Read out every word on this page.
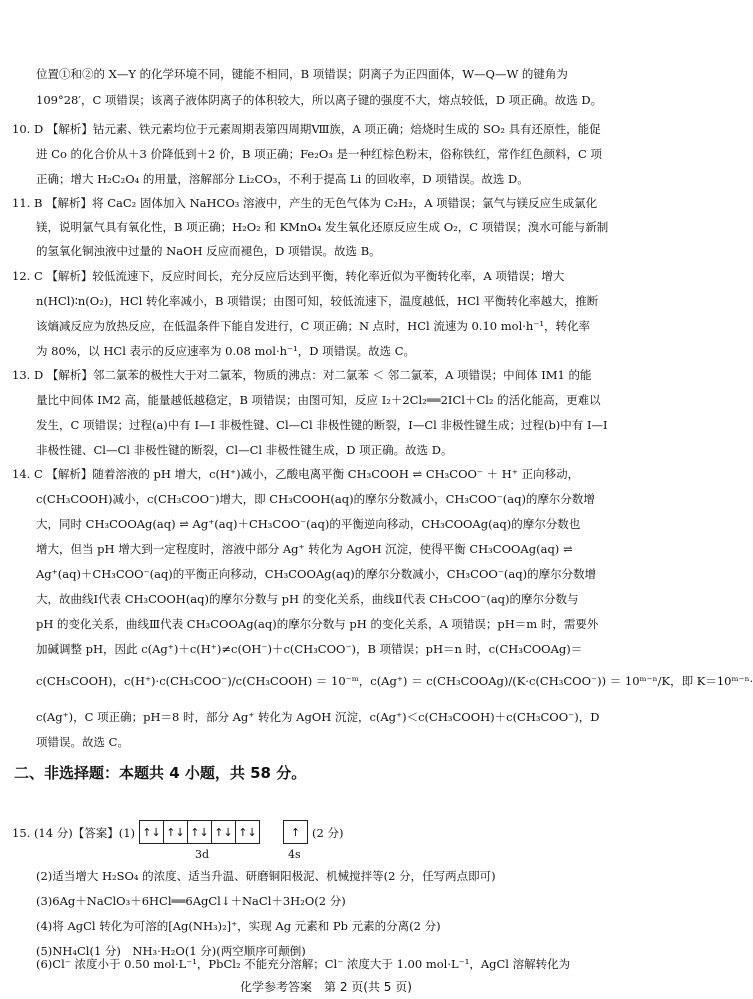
位置①和②的 X—Y 的化学环境不同，键能不相同，B 项错误；阴离子为正四面体，W—Q—W 的键角为
109°28′，C 项错误；该离子液体阴离子的体积较大，所以离子键的强度不大，熔点较低，D 项正确。故选 D。
10. D 【解析】钴元素、铁元素均位于元素周期表第四周期Ⅷ族，A 项正确；焙烧时生成的 SO₂ 具有还原性，能促
进 Co 的化合价从＋3 价降低到＋2 价，B 项正确；Fe₂O₃ 是一种红棕色粉末，俗称铁红，常作红色颜料，C 项
正确；增大 H₂C₂O₄ 的用量，溶解部分 Li₂CO₃，不利于提高 Li 的回收率，D 项错误。故选 D。
11. B 【解析】将 CaC₂ 固体加入 NaHCO₃ 溶液中，产生的无色气体为 C₂H₂，A 项错误；氯气与镁反应生成氯化
镁，说明氯气具有氧化性，B 项正确；H₂O₂ 和 KMnO₄ 发生氧化还原反应生成 O₂，C 项错误；溴水可能与新制
的氢氧化铜浊液中过量的 NaOH 反应而褪色，D 项错误。故选 B。
12. C 【解析】较低流速下，反应时间长，充分反应后达到平衡，转化率近似为平衡转化率，A 项错误；增大
n(HCl)∶n(O₂)，HCl 转化率减小，B 项错误；由图可知，较低流速下，温度越低，HCl 平衡转化率越大，推断
该熵减反应为放热反应，在低温条件下能自发进行，C 项正确；N 点时，HCl 流速为 0.10 mol·h⁻¹，转化率
为 80%，以 HCl 表示的反应速率为 0.08 mol·h⁻¹，D 项错误。故选 C。
13. D 【解析】邻二氯苯的极性大于对二氯苯，物质的沸点：对二氯苯 ＜ 邻二氯苯，A 项错误；中间体 IM1 的能
量比中间体 IM2 高，能量越低越稳定，B 项错误；由图可知，反应 I₂＋2Cl₂══2ICl＋Cl₂ 的活化能高，更难以
发生，C 项错误；过程(a)中有 I—I 非极性键、Cl—Cl 非极性键的断裂，I—Cl 非极性键生成；过程(b)中有 I—I
非极性键、Cl—Cl 非极性键的断裂，Cl—Cl 非极性键生成，D 项正确。故选 D。
14. C 【解析】随着溶液的 pH 增大，c(H⁺)减小，乙酸电离平衡 CH₃COOH ⇌ CH₃COO⁻ ＋ H⁺ 正向移动，
c(CH₃COOH)减小，c(CH₃COO⁻)增大，即 CH₃COOH(aq)的摩尔分数减小，CH₃COO⁻(aq)的摩尔分数增
大，同时 CH₃COOAg(aq) ⇌ Ag⁺(aq)＋CH₃COO⁻(aq)的平衡逆向移动，CH₃COOAg(aq)的摩尔分数也
增大，但当 pH 增大到一定程度时，溶液中部分 Ag⁺ 转化为 AgOH 沉淀，使得平衡 CH₃COOAg(aq) ⇌
Ag⁺(aq)＋CH₃COO⁻(aq)的平衡正向移动，CH₃COOAg(aq)的摩尔分数减小，CH₃COO⁻(aq)的摩尔分数增
大，故曲线Ⅰ代表 CH₃COOH(aq)的摩尔分数与 pH 的变化关系，曲线Ⅱ代表 CH₃COO⁻(aq)的摩尔分数与
pH 的变化关系，曲线Ⅲ代表 CH₃COOAg(aq)的摩尔分数与 pH 的变化关系，A 项错误；pH＝m 时，需要外
加碱调整 pH，因此 c(Ag⁺)＋c(H⁺)≠c(OH⁻)＋c(CH₃COO⁻)，B 项错误；pH＝n 时，c(CH₃COOAg)＝
c(CH₃COOH)，c(H⁺)·c(CH₃COO⁻)/c(CH₃COOH) ＝ 10⁻ᵐ，c(Ag⁺) ＝ c(CH₃COOAg)/(K·c(CH₃COO⁻)) ＝ 10ᵐ⁻ⁿ/K，即 K＝10ᵐ⁻ⁿ·
c(Ag⁺)，C 项正确；pH＝8 时，部分 Ag⁺ 转化为 AgOH 沉淀，c(Ag⁺)＜c(CH₃COOH)＋c(CH₃COO⁻)，D
项错误。故选 C。
二、非选择题：本题共 4 小题，共 58 分。
15. (14 分)【答案】(1) ↑↓ ↑↓ ↑↓ ↑↓ ↑↓
3d
↑
4s
(2 分)
(2)适当增大 H₂SO₄ 的浓度、适当升温、研磨铜阳极泥、机械搅拌等(2 分，任写两点即可)
(3)6Ag＋NaClO₃＋6HCl══6AgCl↓＋NaCl＋3H₂O(2 分)
(4)将 AgCl 转化为可溶的[Ag(NH₃)₂]⁺，实现 Ag 元素和 Pb 元素的分离(2 分)
(5)NH₄Cl(1 分)　NH₃·H₂O(1 分)(两空顺序可颠倒)
化学参考答案　第 2 页(共 5 页)
(6)Cl⁻ 浓度小于 0.50 mol·L⁻¹，PbCl₂ 不能充分溶解；Cl⁻ 浓度大于 1.00 mol·L⁻¹，AgCl 溶解转化为
